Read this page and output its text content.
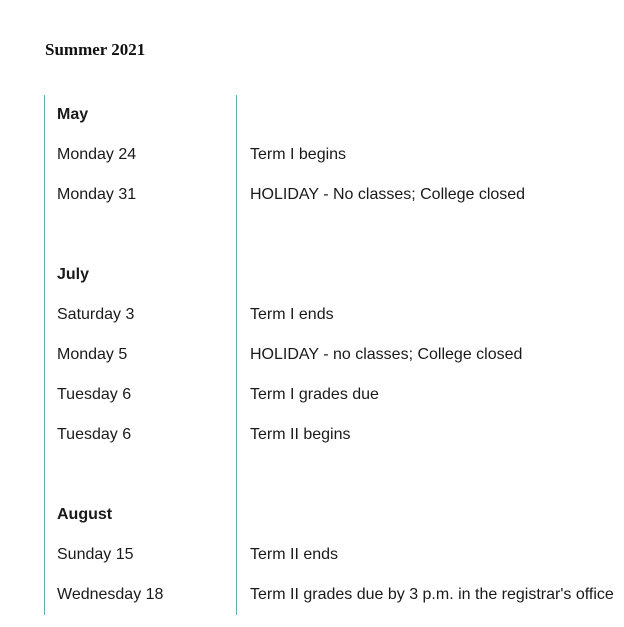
Summer 2021
May
Monday 24	Term I begins
Monday 31	HOLIDAY - No classes; College closed
July
Saturday 3	Term I ends
Monday 5	HOLIDAY - no classes; College closed
Tuesday 6	Term I grades due
Tuesday 6	Term II begins
August
Sunday 15	Term II ends
Wednesday 18	Term II grades due by 3 p.m. in the registrar's office
